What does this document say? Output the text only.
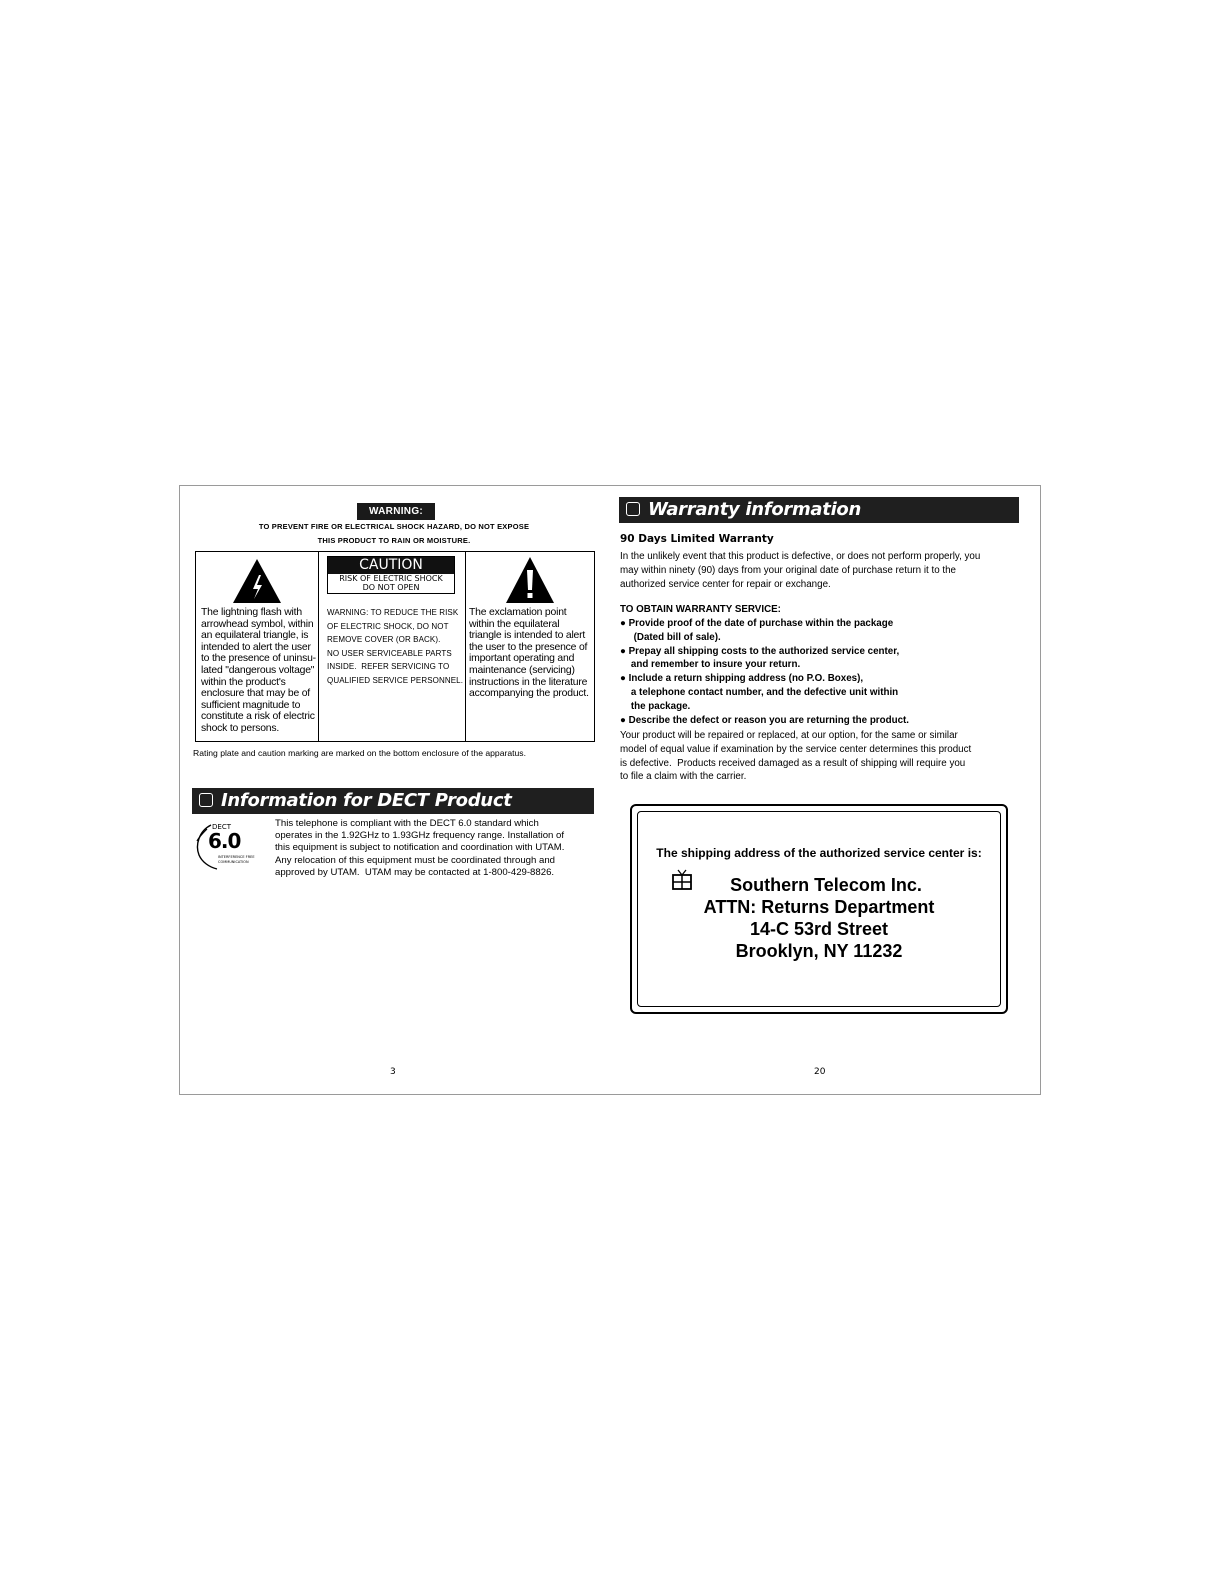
WARNING:
TO PREVENT FIRE OR ELECTRICAL SHOCK HAZARD, DO NOT EXPOSE
THIS PRODUCT TO RAIN OR MOISTURE.
The lightning flash with
arrowhead symbol, within
an equilateral triangle, is
intended to alert the user
to the presence of uninsu-
lated "dangerous voltage"
within the product's
enclosure that may be of
sufficient magnitude to
constitute a risk of electric
shock to persons.
CAUTION
RISK OF ELECTRIC SHOCK
DO NOT OPEN
WARNING: TO REDUCE THE RISK
OF ELECTRIC SHOCK, DO NOT
REMOVE COVER (OR BACK).
NO USER SERVICEABLE PARTS
INSIDE.  REFER SERVICING TO
QUALIFIED SERVICE PERSONNEL.
The exclamation point
within the equilateral
triangle is intended to alert
the user to the presence of
important operating and
maintenance (servicing)
instructions in the literature
accompanying the product.
Rating plate and caution marking are marked on the bottom enclosure of the apparatus.
Information for DECT Product
DECT
6.0
INTERFERENCE FREE
COMMUNICATION
This telephone is compliant with the DECT 6.0 standard which
operates in the 1.92GHz to 1.93GHz frequency range. Installation of
this equipment is subject to notification and coordination with UTAM.
Any relocation of this equipment must be coordinated through and
approved by UTAM.  UTAM may be contacted at 1-800-429-8826.
3
Warranty information
90 Days Limited Warranty
In the unlikely event that this product is defective, or does not perform properly, you
may within ninety (90) days from your original date of purchase return it to the
authorized service center for repair or exchange.
TO OBTAIN WARRANTY SERVICE:
● Provide proof of the date of purchase within the package
(Dated bill of sale).
● Prepay all shipping costs to the authorized service center,
and remember to insure your return.
● Include a return shipping address (no P.O. Boxes),
a telephone contact number, and the defective unit within
the package.
● Describe the defect or reason you are returning the product.
Your product will be repaired or replaced, at our option, for the same or similar
model of equal value if examination by the service center determines this product
is defective.  Products received damaged as a result of shipping will require you
to file a claim with the carrier.
The shipping address of the authorized service center is:
Southern Telecom Inc.
ATTN: Returns Department
14-C 53rd Street
Brooklyn, NY 11232
20
